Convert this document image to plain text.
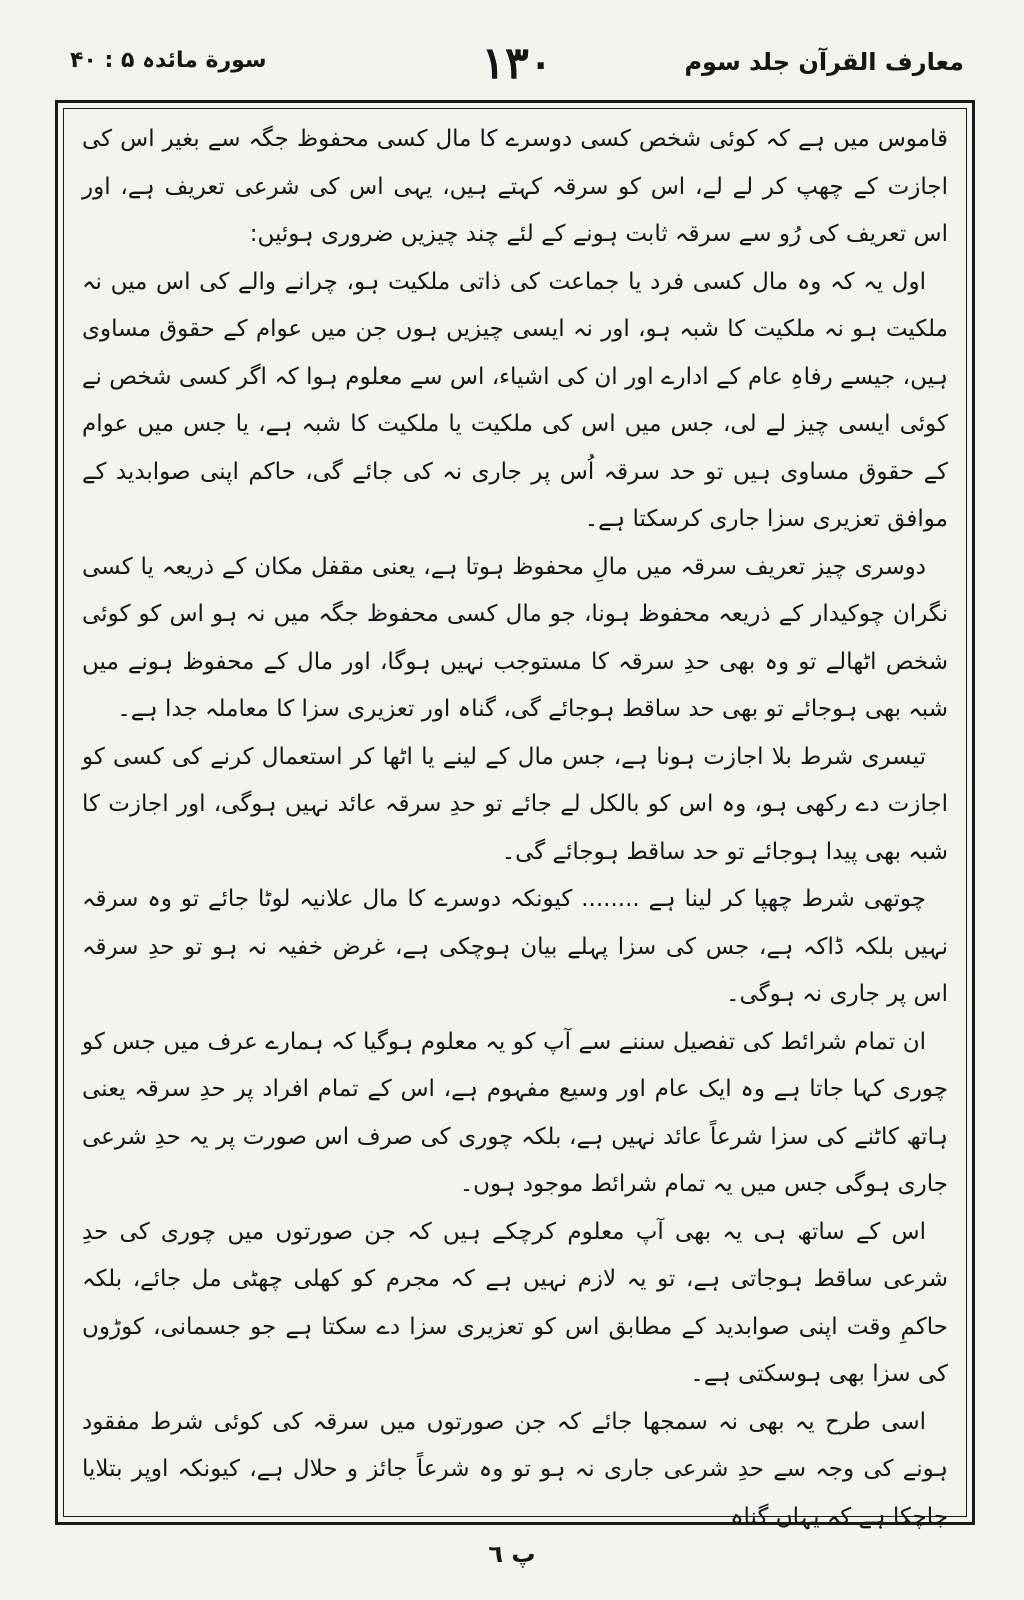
معارف القرآن جلد سوم
١٣٠
سورة مائدہ ۵ : ۴۰

قاموس میں ہے کہ کوئی شخص کسی دوسرے کا مال کسی محفوظ جگہ سے بغیر اس کی اجازت کے چھپ کر لے لے، اس کو سرقہ کہتے ہیں، یہی اس کی شرعی تعریف ہے، اور اس تعریف کی رُو سے سرقہ ثابت ہونے کے لئے چند چیزیں ضروری ہوئیں:

اول یہ کہ وہ مال کسی فرد یا جماعت کی ذاتی ملکیت ہو، چرانے والے کی اس میں نہ ملکیت ہو نہ ملکیت کا شبہ ہو، اور نہ ایسی چیزیں ہوں جن میں عوام کے حقوق مساوی ہیں، جیسے رفاہِ عام کے ادارے اور ان کی اشیاء، اس سے معلوم ہوا کہ اگر کسی شخص نے کوئی ایسی چیز لے لی، جس میں اس کی ملکیت یا ملکیت کا شبہ ہے، یا جس میں عوام کے حقوق مساوی ہیں تو حد سرقہ اُس پر جاری نہ کی جائے گی، حاکم اپنی صوابدید کے موافق تعزیری سزا جاری کرسکتا ہے۔

دوسری چیز تعریف سرقہ میں مالِ محفوظ ہوتا ہے، یعنی مقفل مکان کے ذریعہ یا کسی نگران چوکیدار کے ذریعہ محفوظ ہونا، جو مال کسی محفوظ جگہ میں نہ ہو اس کو کوئی شخص اٹھالے تو وہ بھی حدِ سرقہ کا مستوجب نہیں ہوگا، اور مال کے محفوظ ہونے میں شبہ بھی ہوجائے تو بھی حد ساقط ہوجائے گی، گناہ اور تعزیری سزا کا معاملہ جدا ہے۔

تیسری شرط بلا اجازت ہونا ہے، جس مال کے لینے یا اٹھا کر استعمال کرنے کی کسی کو اجازت دے رکھی ہو، وہ اس کو بالکل لے جائے تو حدِ سرقہ عائد نہیں ہوگی، اور اجازت کا شبہ بھی پیدا ہوجائے تو حد ساقط ہوجائے گی۔

چوتھی شرط چھپا کر لینا ہے ........ کیونکہ دوسرے کا مال علانیہ لوٹا جائے تو وہ سرقہ نہیں بلکہ ڈاکہ ہے، جس کی سزا پہلے بیان ہوچکی ہے، غرض خفیہ نہ ہو تو حدِ سرقہ اس پر جاری نہ ہوگی۔

ان تمام شرائط کی تفصیل سننے سے آپ کو یہ معلوم ہوگیا کہ ہمارے عرف میں جس کو چوری کہا جاتا ہے وہ ایک عام اور وسیع مفہوم ہے، اس کے تمام افراد پر حدِ سرقہ یعنی ہاتھ کاٹنے کی سزا شرعاً عائد نہیں ہے، بلکہ چوری کی صرف اس صورت پر یہ حدِ شرعی جاری ہوگی جس میں یہ تمام شرائط موجود ہوں۔

اس کے ساتھ ہی یہ بھی آپ معلوم کرچکے ہیں کہ جن صورتوں میں چوری کی حدِ شرعی ساقط ہوجاتی ہے، تو یہ لازم نہیں ہے کہ مجرم کو کھلی چھٹی مل جائے، بلکہ حاکمِ وقت اپنی صوابدید کے مطابق اس کو تعزیری سزا دے سکتا ہے جو جسمانی، کوڑوں کی سزا بھی ہوسکتی ہے۔

اسی طرح یہ بھی نہ سمجھا جائے کہ جن صورتوں میں سرقہ کی کوئی شرط مفقود ہونے کی وجہ سے حدِ شرعی جاری نہ ہو تو وہ شرعاً جائز و حلال ہے، کیونکہ اوپر بتلایا جاچکا ہے کہ یہاں گناہ

پ ٦
